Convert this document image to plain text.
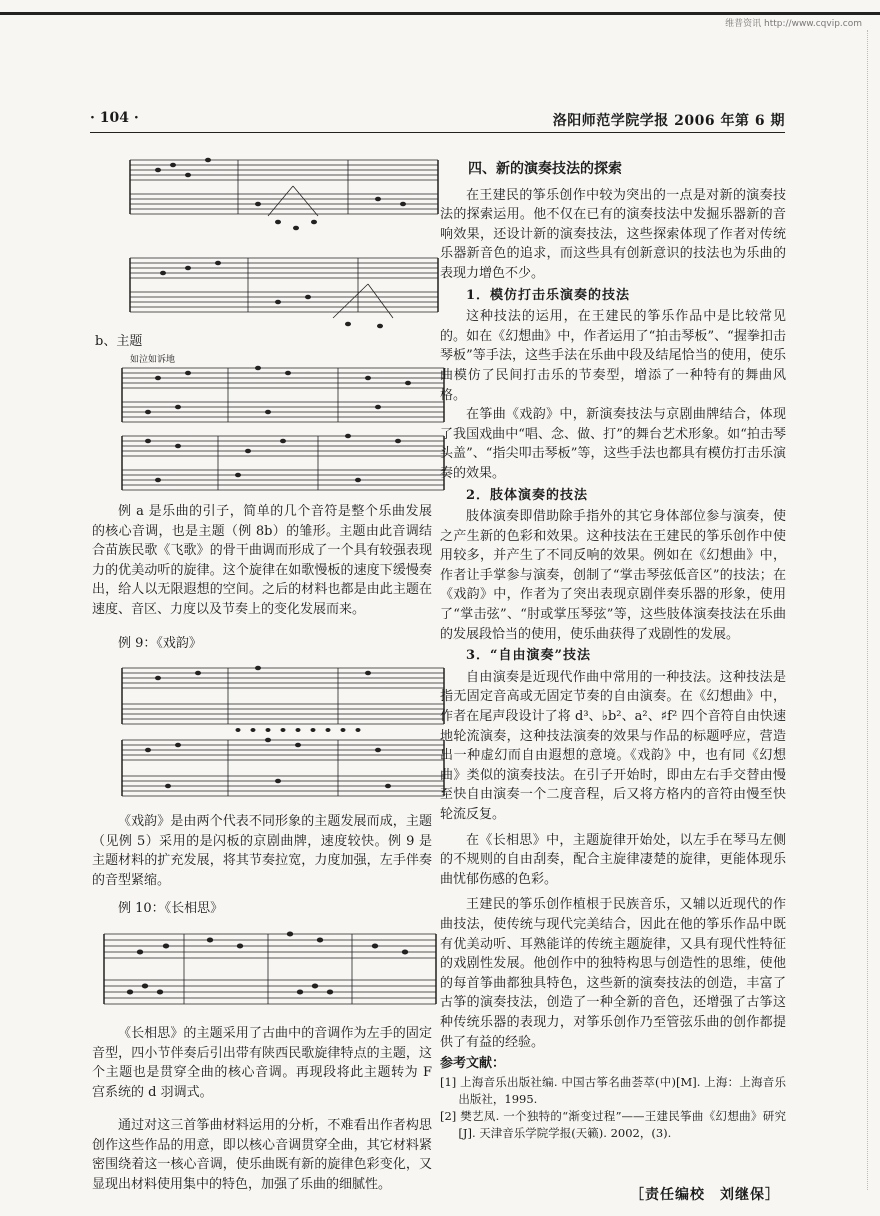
维普资讯 http://www.cqvip.com
· 104 ·	洛阳师范学院学报 2006 年第 6 期
b、主题
如泣如诉地

例 a 是乐曲的引子，简单的几个音符是整个乐曲发展的核心音调，也是主题（例 8b）的雏形。主题由此音调结合苗族民歌《飞歌》的骨干曲调而形成了一个具有较强表现力的优美动听的旋律。这个旋律在如歌慢板的速度下缓慢奏出，给人以无限遐想的空间。之后的材料也都是由此主题在速度、音区、力度以及节奏上的变化发展而来。

例 9：《戏韵》

《戏韵》是由两个代表不同形象的主题发展而成，主题（见例 5）采用的是闪板的京剧曲牌，速度较快。例 9 是主题材料的扩充发展，将其节奏拉宽，力度加强，左手伴奏的音型紧缩。

例 10：《长相思》

《长相思》的主题采用了古曲中的音调作为左手的固定音型，四小节伴奏后引出带有陕西民歌旋律特点的主题，这个主题也是贯穿全曲的核心音调。再现段将此主题转为 F 宫系统的 d 羽调式。

通过对这三首筝曲材料运用的分析，不难看出作者构思创作这些作品的用意，即以核心音调贯穿全曲，其它材料紧密围绕着这一核心音调，使乐曲既有新的旋律色彩变化，又显现出材料使用集中的特色，加强了乐曲的细腻性。

四、新的演奏技法的探索

在王建民的筝乐创作中较为突出的一点是对新的演奏技法的探索运用。他不仅在已有的演奏技法中发掘乐器新的音响效果，还设计新的演奏技法，这些探索体现了作者对传统乐器新音色的追求，而这些具有创新意识的技法也为乐曲的表现力增色不少。

1．模仿打击乐演奏的技法

这种技法的运用，在王建民的筝乐作品中是比较常见的。如在《幻想曲》中，作者运用了“拍击琴板”、“握拳扣击琴板”等手法，这些手法在乐曲中段及结尾恰当的使用，使乐曲模仿了民间打击乐的节奏型，增添了一种特有的舞曲风格。

在筝曲《戏韵》中，新演奏技法与京剧曲牌结合，体现了我国戏曲中“唱、念、做、打”的舞台艺术形象。如“拍击琴头盖”、“指尖叩击琴板”等，这些手法也都具有模仿打击乐演奏的效果。

2．肢体演奏的技法

肢体演奏即借助除手指外的其它身体部位参与演奏，使之产生新的色彩和效果。这种技法在王建民的筝乐创作中使用较多，并产生了不同反响的效果。例如在《幻想曲》中，作者让手掌参与演奏，创制了“掌击琴弦低音区”的技法；在《戏韵》中，作者为了突出表现京剧伴奏乐器的形象，使用了“掌击弦”、“肘或掌压琴弦”等，这些肢体演奏技法在乐曲的发展段恰当的使用，使乐曲获得了戏剧性的发展。

3．“自由演奏”技法

自由演奏是近现代作曲中常用的一种技法。这种技法是指无固定音高或无固定节奏的自由演奏。在《幻想曲》中，作者在尾声段设计了将 d³、♭b²、a²、♯f² 四个音符自由快速地轮流演奏，这种技法演奏的效果与作品的标题呼应，营造出一种虚幻而自由遐想的意境。《戏韵》中，也有同《幻想曲》类似的演奏技法。在引子开始时，即由左右手交替由慢至快自由演奏一个二度音程，后又将方格内的音符由慢至快轮流反复。

在《长相思》中，主题旋律开始处，以左手在琴马左侧的不规则的自由刮奏，配合主旋律凄楚的旋律，更能体现乐曲忧郁伤感的色彩。

王建民的筝乐创作植根于民族音乐，又辅以近现代的作曲技法，使传统与现代完美结合，因此在他的筝乐作品中既有优美动听、耳熟能详的传统主题旋律，又具有现代性特征的戏剧性发展。他创作中的独特构思与创造性的思维，使他的每首筝曲都独具特色，这些新的演奏技法的创造，丰富了古筝的演奏技法，创造了一种全新的音色，还增强了古筝这种传统乐器的表现力，对筝乐创作乃至管弦乐曲的创作都提供了有益的经验。

参考文献：
[1] 上海音乐出版社编. 中国古筝名曲荟萃(中)[M]. 上海：上海音乐出版社，1995.
[2] 樊艺凤. 一个独特的“渐变过程”——王建民筝曲《幻想曲》研究[J]. 天津音乐学院学报(天籁). 2002，(3).
［责任编校　刘继保］
